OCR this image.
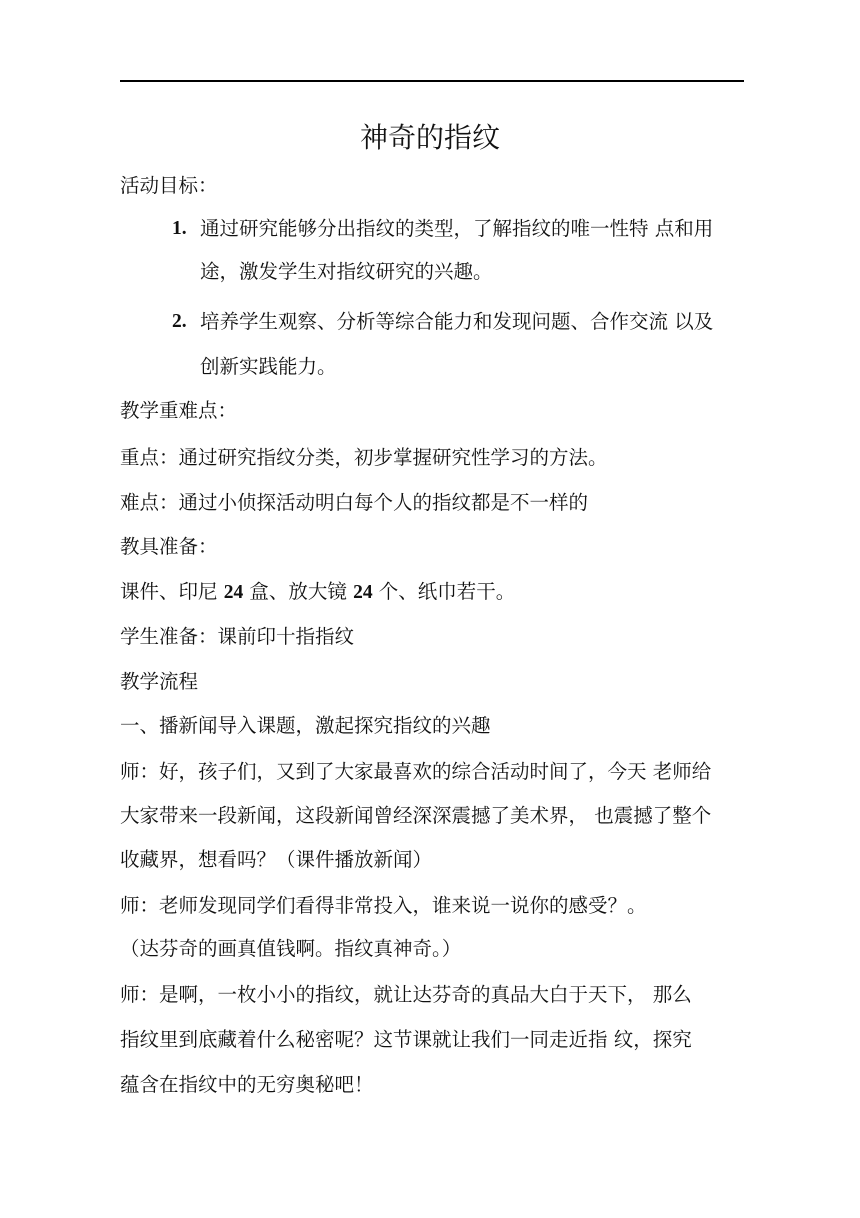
神奇的指纹
活动目标：
1. 通过研究能够分出指纹的类型，了解指纹的唯一性特 点和用
途，激发学生对指纹研究的兴趣。
2. 培养学生观察、分析等综合能力和发现问题、合作交流 以及
创新实践能力。
教学重难点：
重点：通过研究指纹分类，初步掌握研究性学习的方法。
难点：通过小侦探活动明白每个人的指纹都是不一样的
教具准备：
课件、印尼 24 盒、放大镜 24 个、纸巾若干。
学生准备：课前印十指指纹
教学流程
一、播新闻导入课题，激起探究指纹的兴趣
师：好，孩子们，又到了大家最喜欢的综合活动时间了，今天 老师给
大家带来一段新闻，这段新闻曾经深深震撼了美术界， 也震撼了整个
收藏界，想看吗？（课件播放新闻）
师：老师发现同学们看得非常投入，谁来说一说你的感受？。
（达芬奇的画真值钱啊。指纹真神奇。）
师：是啊，一枚小小的指纹，就让达芬奇的真品大白于天下， 那么
指纹里到底藏着什么秘密呢？这节课就让我们一同走近指 纹，探究
蕴含在指纹中的无穷奥秘吧！
